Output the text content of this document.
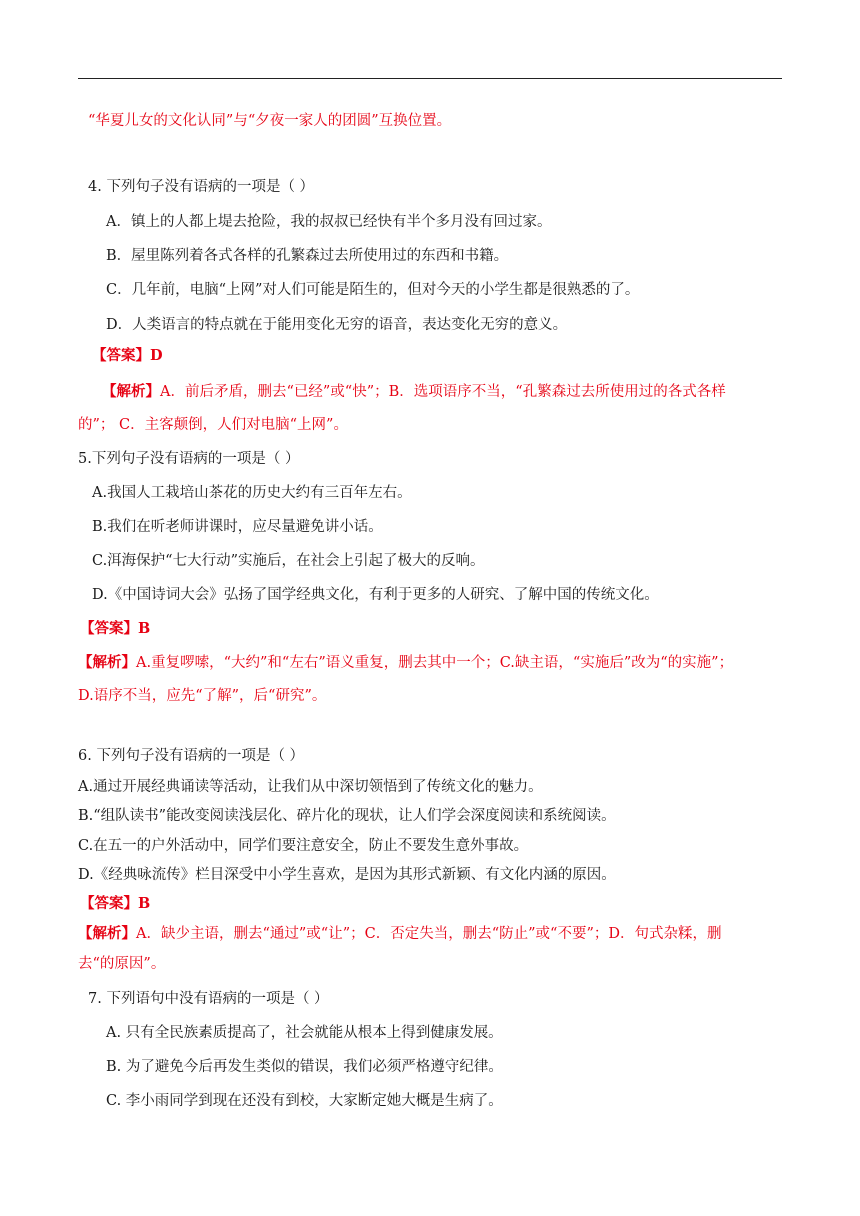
“华夏儿女的文化认同”与“夕夜一家人的团圆”互换位置。
4. 下列句子没有语病的一项是（ ）
A．镇上的人都上堤去抢险，我的叔叔已经快有半个多月没有回过家。
B．屋里陈列着各式各样的孔繁森过去所使用过的东西和书籍。
C．几年前，电脑“上网”对人们可能是陌生的，但对今天的小学生都是很熟悉的了。
D．人类语言的特点就在于能用变化无穷的语音，表达变化无穷的意义。
【答案】D
【解析】A．前后矛盾，删去“已经”或“快”；B．选项语序不当，“孔繁森过去所使用过的各式各样
的”； C．主客颠倒，人们对电脑“上网”。
5.下列句子没有语病的一项是（ ）
A.我国人工栽培山茶花的历史大约有三百年左右。
B.我们在听老师讲课时，应尽量避免讲小话。
C.洱海保护“七大行动”实施后，在社会上引起了极大的反响。
D.《中国诗词大会》弘扬了国学经典文化，有利于更多的人研究、了解中国的传统文化。
【答案】B
【解析】A.重复啰嗦，“大约”和“左右”语义重复，删去其中一个；C.缺主语，“实施后”改为“的实施”；
D.语序不当，应先“了解”，后“研究”。
6. 下列句子没有语病的一项是（ ）
A.通过开展经典诵读等活动，让我们从中深切领悟到了传统文化的魅力。
B.“组队读书”能改变阅读浅层化、碎片化的现状，让人们学会深度阅读和系统阅读。
C.在五一的户外活动中，同学们要注意安全，防止不要发生意外事故。
D.《经典咏流传》栏目深受中小学生喜欢，是因为其形式新颖、有文化内涵的原因。
【答案】B
【解析】A．缺少主语，删去“通过”或“让”；C．否定失当，删去“防止”或“不要”；D．句式杂糅，删
去“的原因”。
7. 下列语句中没有语病的一项是（ ）
A. 只有全民族素质提高了，社会就能从根本上得到健康发展。
B. 为了避免今后再发生类似的错误，我们必须严格遵守纪律。
C. 李小雨同学到现在还没有到校，大家断定她大概是生病了。
